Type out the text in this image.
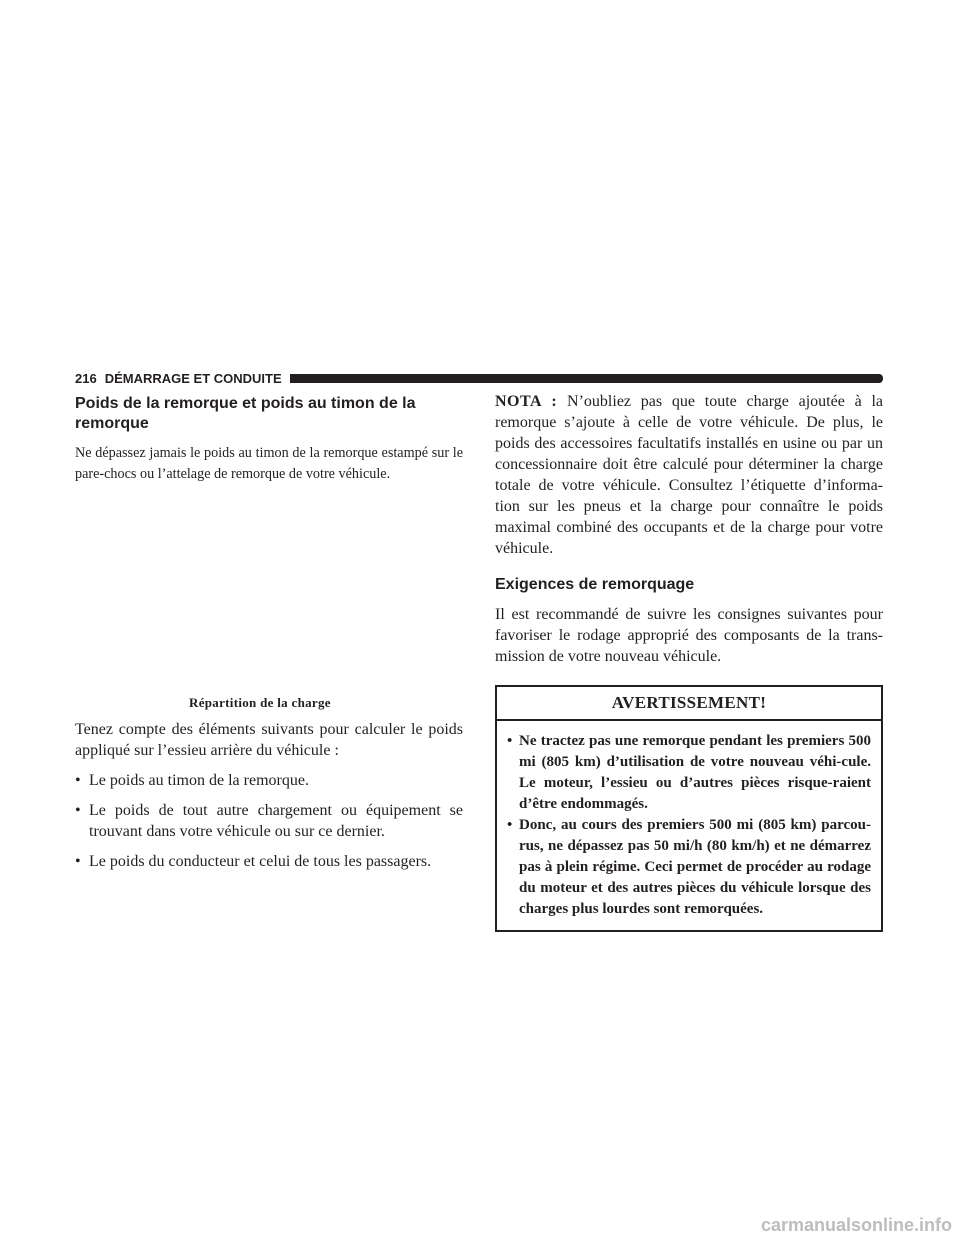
216 DÉMARRAGE ET CONDUITE
Poids de la remorque et poids au timon de la remorque

Ne dépassez jamais le poids au timon de la remorque estampé sur le pare-chocs ou l’attelage de remorque de votre véhicule.

Répartition de la charge

Tenez compte des éléments suivants pour calculer le poids appliqué sur l’essieu arrière du véhicule :

• Le poids au timon de la remorque.
• Le poids de tout autre chargement ou équipement se trouvant dans votre véhicule ou sur ce dernier.
• Le poids du conducteur et celui de tous les passagers.

NOTA : N’oubliez pas que toute charge ajoutée à la remorque s’ajoute à celle de votre véhicule. De plus, le poids des accessoires facultatifs installés en usine ou par un concessionnaire doit être calculé pour déterminer la charge totale de votre véhicule. Consultez l’étiquette d’informa-tion sur les pneus et la charge pour connaître le poids maximal combiné des occupants et de la charge pour votre véhicule.

Exigences de remorquage

Il est recommandé de suivre les consignes suivantes pour favoriser le rodage approprié des composants de la trans-mission de votre nouveau véhicule.

AVERTISSEMENT!
• Ne tractez pas une remorque pendant les premiers 500 mi (805 km) d’utilisation de votre nouveau véhi-cule. Le moteur, l’essieu ou d’autres pièces risque-raient d’être endommagés.
• Donc, au cours des premiers 500 mi (805 km) parcou-rus, ne dépassez pas 50 mi/h (80 km/h) et ne démarrez pas à plein régime. Ceci permet de procéder au rodage du moteur et des autres pièces du véhicule lorsque des charges plus lourdes sont remorquées.
carmanualsonline.info
